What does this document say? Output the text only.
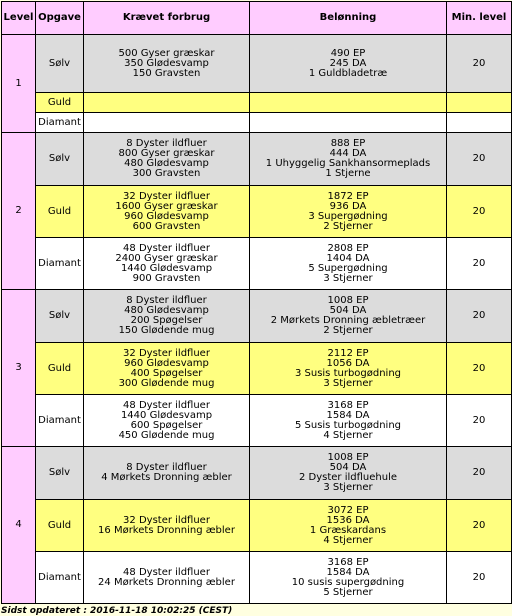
Level	Opgave	Krævet forbrug	Belønning	Min. level
1	Sølv	500 Gyser græskar
350 Glødesvamp
150 Gravsten	490 EP
245 DA
1 Guldbladetræ	20
	Guld			
	Diamant			
2	Sølv	8 Dyster ildfluer
800 Gyser græskar
480 Glødesvamp
300 Gravsten	888 EP
444 DA
1 Uhyggelig Sankhansormeplads
1 Stjerne	20
	Guld	32 Dyster ildfluer
1600 Gyser græskar
960 Glødesvamp
600 Gravsten	1872 EP
936 DA
3 Supergødning
2 Stjerner	20
	Diamant	48 Dyster ildfluer
2400 Gyser græskar
1440 Glødesvamp
900 Gravsten	2808 EP
1404 DA
5 Supergødning
3 Stjerner	20
3	Sølv	8 Dyster ildfluer
480 Glødesvamp
200 Spøgelser
150 Glødende mug	1008 EP
504 DA
2 Mørkets Dronning æbletræer
2 Stjerner	20
	Guld	32 Dyster ildfluer
960 Glødesvamp
400 Spøgelser
300 Glødende mug	2112 EP
1056 DA
3 Susis turbogødning
3 Stjerner	20
	Diamant	48 Dyster ildfluer
1440 Glødesvamp
600 Spøgelser
450 Glødende mug	3168 EP
1584 DA
5 Susis turbogødning
4 Stjerner	20
4	Sølv	8 Dyster ildfluer
4 Mørkets Dronning æbler	1008 EP
504 DA
2 Dyster ildfluehule
3 Stjerner	20
	Guld	32 Dyster ildfluer
16 Mørkets Dronning æbler	3072 EP
1536 DA
1 Græskardans
4 Stjerner	20
	Diamant	48 Dyster ildfluer
24 Mørkets Dronning æbler	3168 EP
1584 DA
10 susis supergødning
5 Stjerner	20
Sidst opdateret : 2016-11-18 10:02:25 (CEST)
